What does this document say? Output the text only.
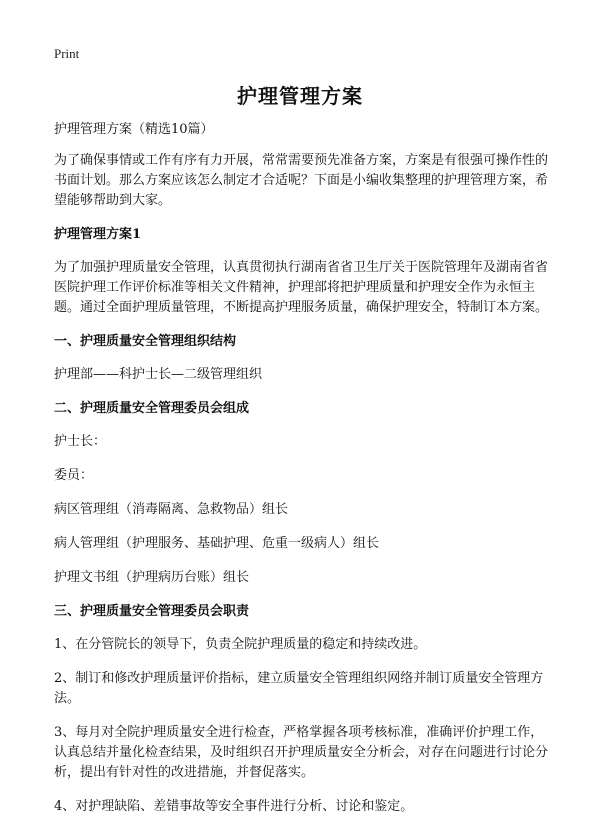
Print
护理管理方案

护理管理方案（精选10篇）

为了确保事情或工作有序有力开展，常常需要预先准备方案，方案是有很强可操作性的书面计划。那么方案应该怎么制定才合适呢？下面是小编收集整理的护理管理方案，希望能够帮助到大家。

护理管理方案1

为了加强护理质量安全管理，认真贯彻执行湖南省省卫生厅关于医院管理年及湖南省省医院护理工作评价标准等相关文件精神，护理部将把护理质量和护理安全作为永恒主题。通过全面护理质量管理，不断提高护理服务质量，确保护理安全，特制订本方案。

一、护理质量安全管理组织结构

护理部——科护士长—二级管理组织

二、护理质量安全管理委员会组成

护士长：

委员：

病区管理组（消毒隔离、急救物品）组长

病人管理组（护理服务、基础护理、危重一级病人）组长

护理文书组（护理病历台账）组长

三、护理质量安全管理委员会职责

1、在分管院长的领导下，负责全院护理质量的稳定和持续改进。

2、制订和修改护理质量评价指标，建立质量安全管理组织网络并制订质量安全管理方法。

3、每月对全院护理质量安全进行检查，严格掌握各项考核标准，准确评价护理工作，认真总结并量化检查结果，及时组织召开护理质量安全分析会，对存在问题进行讨论分析，提出有针对性的改进措施，并督促落实。

4、对护理缺陷、差错事故等安全事件进行分析、讨论和鉴定。
